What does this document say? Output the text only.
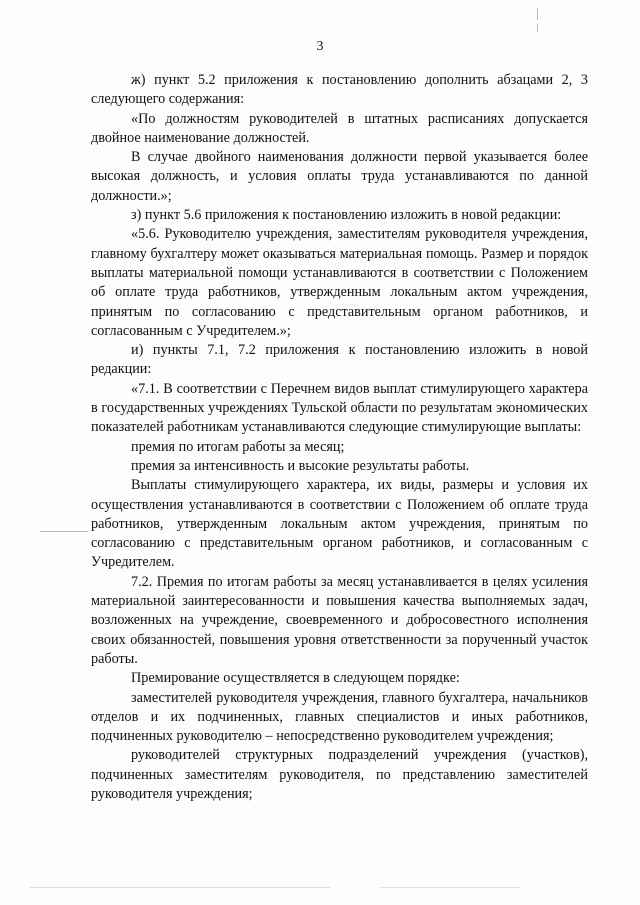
3

ж) пункт 5.2 приложения к постановлению дополнить абзацами 2, 3 следующего содержания:

«По должностям руководителей в штатных расписаниях допускается двойное наименование должностей.

В случае двойного наименования должности первой указывается более высокая должность, и условия оплаты труда устанавливаются по данной должности.»;

з) пункт 5.6 приложения к постановлению изложить в новой редакции:

«5.6. Руководителю учреждения, заместителям руководителя учреждения, главному бухгалтеру может оказываться материальная помощь. Размер и порядок выплаты материальной помощи устанавливаются в соответствии с Положением об оплате труда работников, утвержденным локальным актом учреждения, принятым по согласованию с представительным органом работников, и согласованным с Учредителем.»;

и) пункты 7.1, 7.2 приложения к постановлению изложить в новой редакции:

«7.1. В соответствии с Перечнем видов выплат стимулирующего характера в государственных учреждениях Тульской области по результатам экономических показателей работникам устанавливаются следующие стимулирующие выплаты:

премия по итогам работы за месяц;

премия за интенсивность и высокие результаты работы.

Выплаты стимулирующего характера, их виды, размеры и условия их осуществления устанавливаются в соответствии с Положением об оплате труда работников, утвержденным локальным актом учреждения, принятым по согласованию с представительным органом работников, и согласованным с Учредителем.

7.2. Премия по итогам работы за месяц устанавливается в целях усиления материальной заинтересованности и повышения качества выполняемых задач, возложенных на учреждение, своевременного и добросовестного исполнения своих обязанностей, повышения уровня ответственности за порученный участок работы.

Премирование осуществляется в следующем порядке:

заместителей руководителя учреждения, главного бухгалтера, начальников отделов и их подчиненных, главных специалистов и иных работников, подчиненных руководителю – непосредственно руководителем учреждения;

руководителей структурных подразделений учреждения (участков), подчиненных заместителям руководителя, по представлению заместителей руководителя учреждения;
